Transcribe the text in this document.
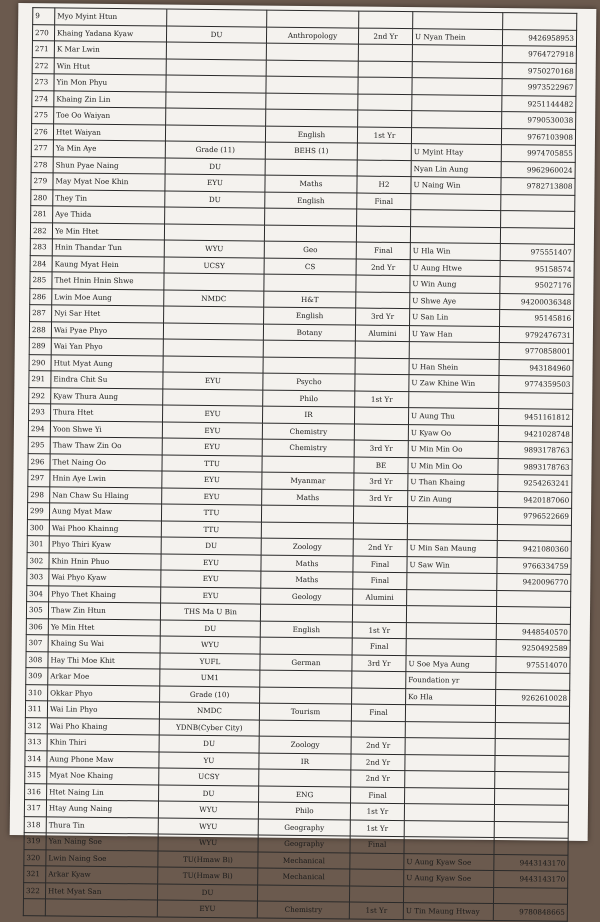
9	Myo Myint Htun					
270	Khaing Yadana Kyaw	DU	Anthropology	2nd Yr	U Nyan Thein	9426958953
271	K Mar Lwin					9764727918
272	Win Htut					9750270168
273	Yin Mon Phyu					9973522967
274	Khaing Zin Lin					9251144482
275	Toe Oo Waiyan					9790530038
276	Htet Waiyan		English	1st Yr		9767103908
277	Ya Min Aye	Grade (11)	BEHS (1)		U Myint Htay	9974705855
278	Shun Pyae Naing	DU			Nyan Lin Aung	9962960024
279	May Myat Noe Khin	EYU	Maths	H2	U Naing Win	9782713808
280	They Tin	DU	English	Final		
281	Aye Thida					
282	Ye Min Htet					
283	Hnin Thandar Tun	WYU	Geo	Final	U Hla Win	975551407
284	Kaung Myat Hein	UCSY	CS	2nd Yr	U Aung Htwe	95158574
285	Thet Hnin Hnin Shwe				U Win Aung	95027176
286	Lwin Moe Aung	NMDC	H&T		U Shwe Aye	94200036348
287	Nyi Sar Htet		English	3rd Yr	U San Lin	95145816
288	Wai Pyae Phyo		Botany	Alumini	U Yaw Han	9792476731
289	Wai Yan Phyo					9770858001
290	Htut Myat Aung				U Han Shein	943184960
291	Eindra Chit Su	EYU	Psycho		U Zaw Khine Win	9774359503
292	Kyaw Thura Aung		Philo	1st Yr		
293	Thura Htet	EYU	IR		U Aung Thu	9451161812
294	Yoon Shwe Yi	EYU	Chemistry		U Kyaw Oo	9421028748
295	Thaw Thaw Zin Oo	EYU	Chemistry	3rd Yr	U Min Min Oo	9893178763
296	Thet Naing Oo	TTU		BE	U Min Min Oo	9893178763
297	Hnin Aye Lwin	EYU	Myanmar	3rd Yr	U Than Khaing	9254263241
298	Nan Chaw Su Hlaing	EYU	Maths	3rd Yr	U Zin Aung	9420187060
299	Aung Myat Maw	TTU				9796522669
300	Wai Phoo Khainng	TTU				
301	Phyo Thiri Kyaw	DU	Zoology	2nd Yr	U Min San Maung	9421080360
302	Khin Hnin Phuo	EYU	Maths	Final	U Saw Win	9766334759
303	Wai Phyo Kyaw	EYU	Maths	Final		9420096770
304	Phyo Thet Khaing	EYU	Geology	Alumini		
305	Thaw Zin Htun	THS Ma U Bin				
306	Ye Min Htet	DU	English	1st Yr		9448540570
307	Khaing Su Wai	WYU		Final		9250492589
308	Hay Thi Moe Khit	YUFL	German	3rd Yr	U Soe Mya Aung	975514070
309	Arkar Moe	UM1			Foundation yr	
310	Okkar Phyo	Grade (10)			Ko Hla	9262610028
311	Wai Lin Phyo	NMDC	Tourism	Final		
312	Wai Pho Khaing	YDNB(Cyber City)				
313	Khin Thiri	DU	Zoology	2nd Yr		
314	Aung Phone Maw	YU	IR	2nd Yr		
315	Myat Noe Khaing	UCSY		2nd Yr		
316	Htet Naing Lin	DU	ENG	Final		
317	Htay Aung Naing	WYU	Philo	1st Yr		
318	Thura Tin	WYU	Geography	1st Yr		
319	Yan Naing Soe	WYU	Geography	Final		
320	Lwin Naing Soe	TU(Hmaw Bi)	Mechanical		U Aung Kyaw Soe	9443143170
321	Arkar Kyaw	TU(Hmaw Bi)	Mechanical		U Aung Kyaw Soe	9443143170
322	Htet Myat San	DU				
		EYU	Chemistry	1st Yr	U Tin Maung Htway	9780848665
